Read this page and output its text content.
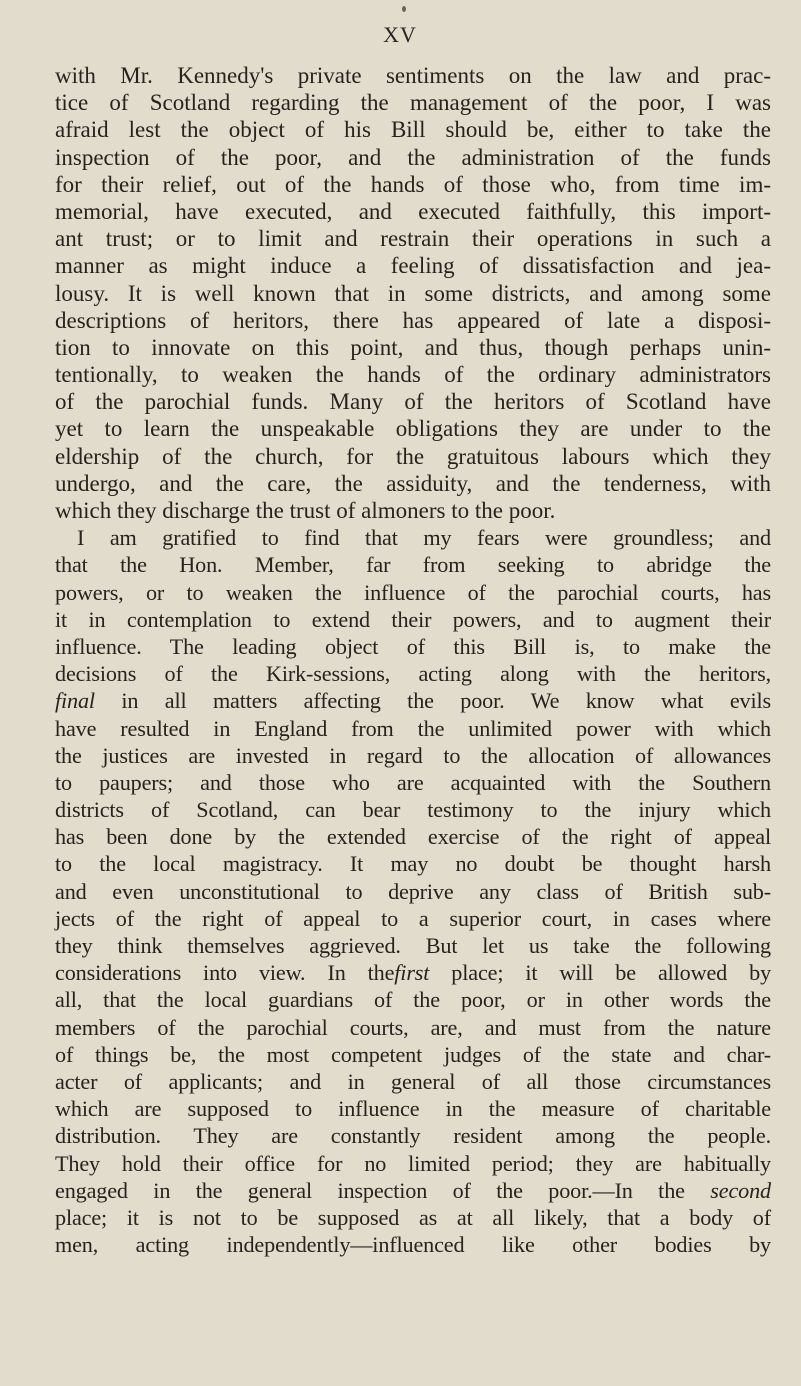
XV
with Mr. Kennedy's private sentiments on the law and prac-
tice of Scotland regarding the management of the poor, I was
afraid lest the object of his Bill should be, either to take the
inspection of the poor, and the administration of the funds
for their relief, out of the hands of those who, from time im-
memorial, have executed, and executed faithfully, this import-
ant trust; or to limit and restrain their operations in such a
manner as might induce a feeling of dissatisfaction and jea-
lousy. It is well known that in some districts, and among some
descriptions of heritors, there has appeared of late a disposi-
tion to innovate on this point, and thus, though perhaps unin-
tentionally, to weaken the hands of the ordinary administrators
of the parochial funds. Many of the heritors of Scotland have
yet to learn the unspeakable obligations they are under to the
eldership of the church, for the gratuitous labours which they
undergo, and the care, the assiduity, and the tenderness, with
which they discharge the trust of almoners to the poor.
I am gratified to find that my fears were groundless; and
that the Hon. Member, far from seeking to abridge the
powers, or to weaken the influence of the parochial courts, has
it in contemplation to extend their powers, and to augment their
influence. The leading object of this Bill is, to make the
decisions of the Kirk-sessions, acting along with the heritors,
final in all matters affecting the poor. We know what evils
have resulted in England from the unlimited power with which
the justices are invested in regard to the allocation of allowances
to paupers; and those who are acquainted with the Southern
districts of Scotland, can bear testimony to the injury which
has been done by the extended exercise of the right of appeal
to the local magistracy. It may no doubt be thought harsh
and even unconstitutional to deprive any class of British sub-
jects of the right of appeal to a superior court, in cases where
they think themselves aggrieved. But let us take the following
considerations into view. In thefirst place; it will be allowed by
all, that the local guardians of the poor, or in other words the
members of the parochial courts, are, and must from the nature
of things be, the most competent judges of the state and char-
acter of applicants; and in general of all those circumstances
which are supposed to influence in the measure of charitable
distribution. They are constantly resident among the people.
They hold their office for no limited period; they are habitually
engaged in the general inspection of the poor.—In the second
place; it is not to be supposed as at all likely, that a body of
men, acting independently—influenced like other bodies by
